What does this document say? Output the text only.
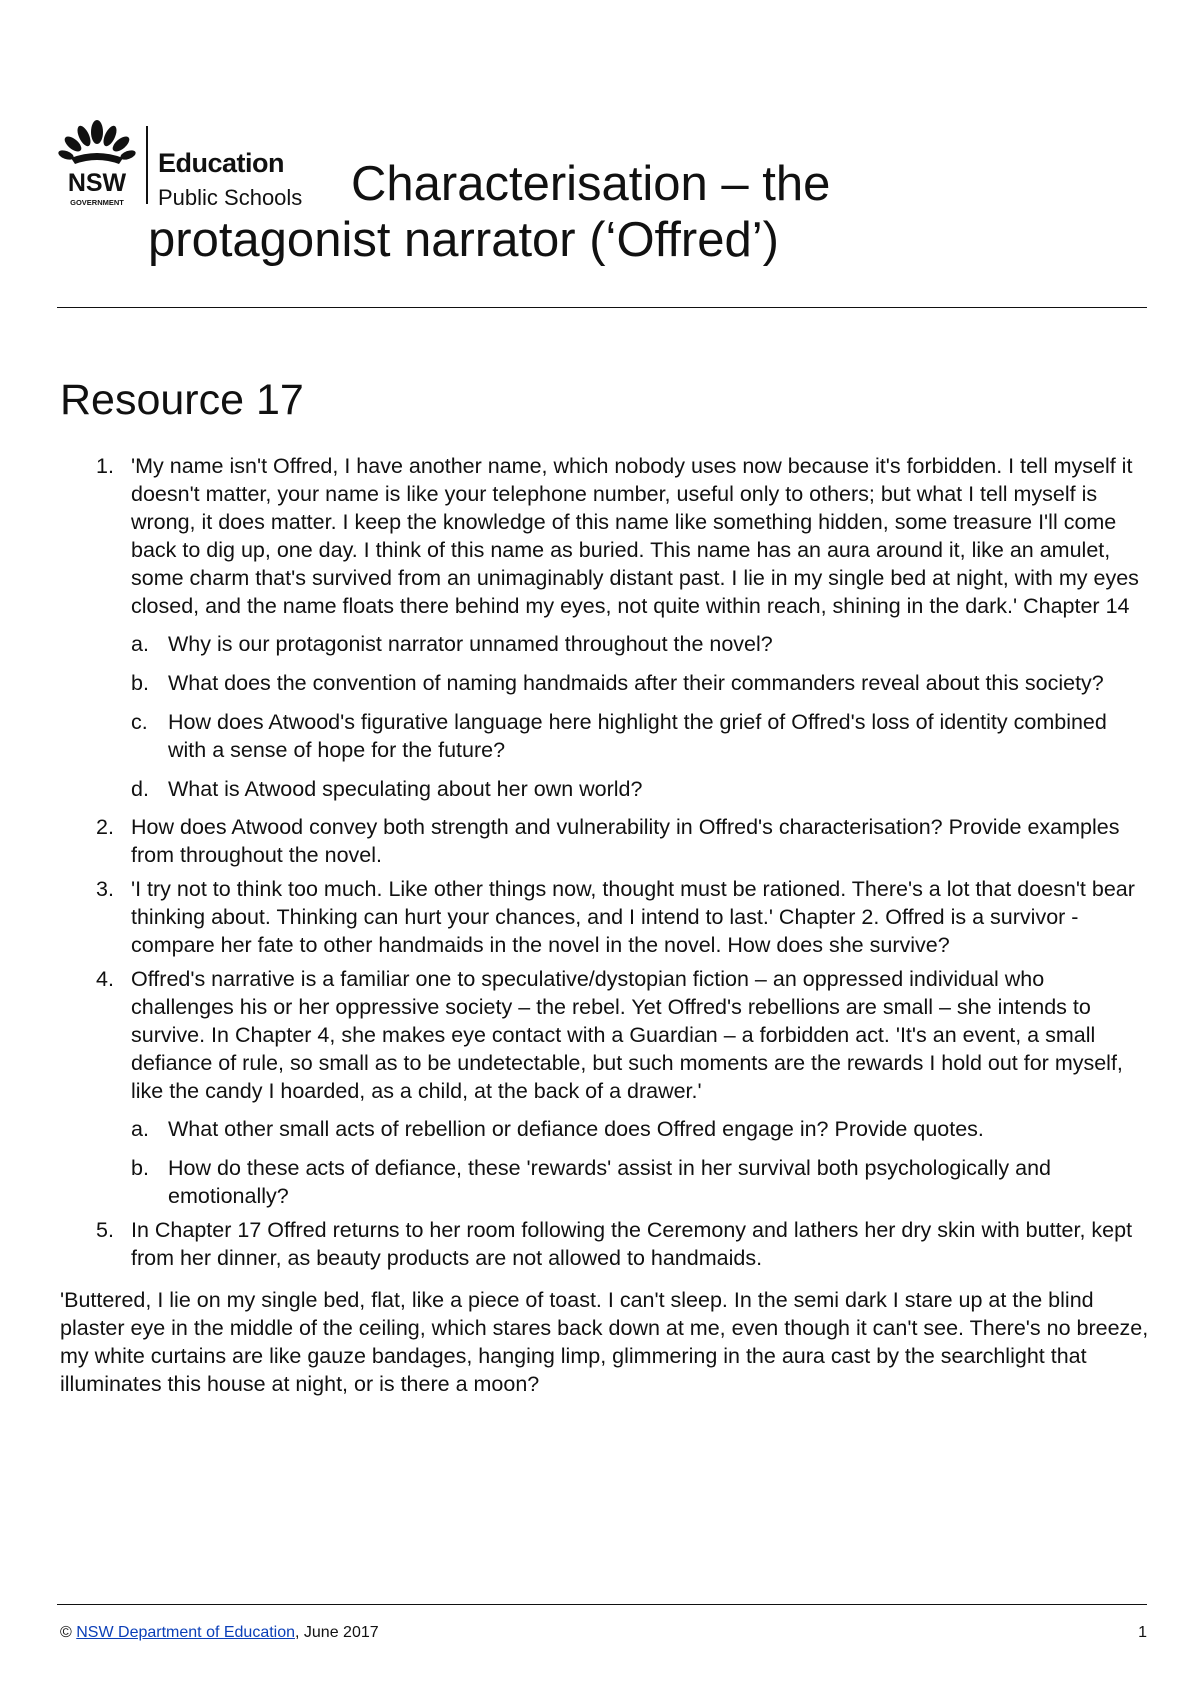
NSW
GOVERNMENT
Education
Public Schools Characterisation – the
protagonist narrator (‘Offred’)
Resource 17
1. 'My name isn't Offred, I have another name, which nobody uses now because it's forbidden. I tell myself it doesn't matter, your name is like your telephone number, useful only to others; but what I tell myself is wrong, it does matter. I keep the knowledge of this name like something hidden, some treasure I'll come back to dig up, one day. I think of this name as buried. This name has an aura around it, like an amulet, some charm that's survived from an unimaginably distant past. I lie in my single bed at night, with my eyes closed, and the name floats there behind my eyes, not quite within reach, shining in the dark.' Chapter 14
a. Why is our protagonist narrator unnamed throughout the novel?
b. What does the convention of naming handmaids after their commanders reveal about this society?
c. How does Atwood's figurative language here highlight the grief of Offred's loss of identity combined with a sense of hope for the future?
d. What is Atwood speculating about her own world?
2. How does Atwood convey both strength and vulnerability in Offred's characterisation? Provide examples from throughout the novel.
3. 'I try not to think too much. Like other things now, thought must be rationed. There's a lot that doesn't bear thinking about. Thinking can hurt your chances, and I intend to last.' Chapter 2. Offred is a survivor - compare her fate to other handmaids in the novel in the novel. How does she survive?
4. Offred's narrative is a familiar one to speculative/dystopian fiction – an oppressed individual who challenges his or her oppressive society – the rebel. Yet Offred's rebellions are small – she intends to survive. In Chapter 4, she makes eye contact with a Guardian – a forbidden act. 'It's an event, a small defiance of rule, so small as to be undetectable, but such moments are the rewards I hold out for myself, like the candy I hoarded, as a child, at the back of a drawer.'
a. What other small acts of rebellion or defiance does Offred engage in? Provide quotes.
b. How do these acts of defiance, these 'rewards' assist in her survival both psychologically and emotionally?
5. In Chapter 17 Offred returns to her room following the Ceremony and lathers her dry skin with butter, kept from her dinner, as beauty products are not allowed to handmaids.

'Buttered, I lie on my single bed, flat, like a piece of toast. I can't sleep. In the semi dark I stare up at the blind plaster eye in the middle of the ceiling, which stares back down at me, even though it can't see. There's no breeze, my white curtains are like gauze bandages, hanging limp, glimmering in the aura cast by the searchlight that illuminates this house at night, or is there a moon?

© NSW Department of Education, June 2017	1
